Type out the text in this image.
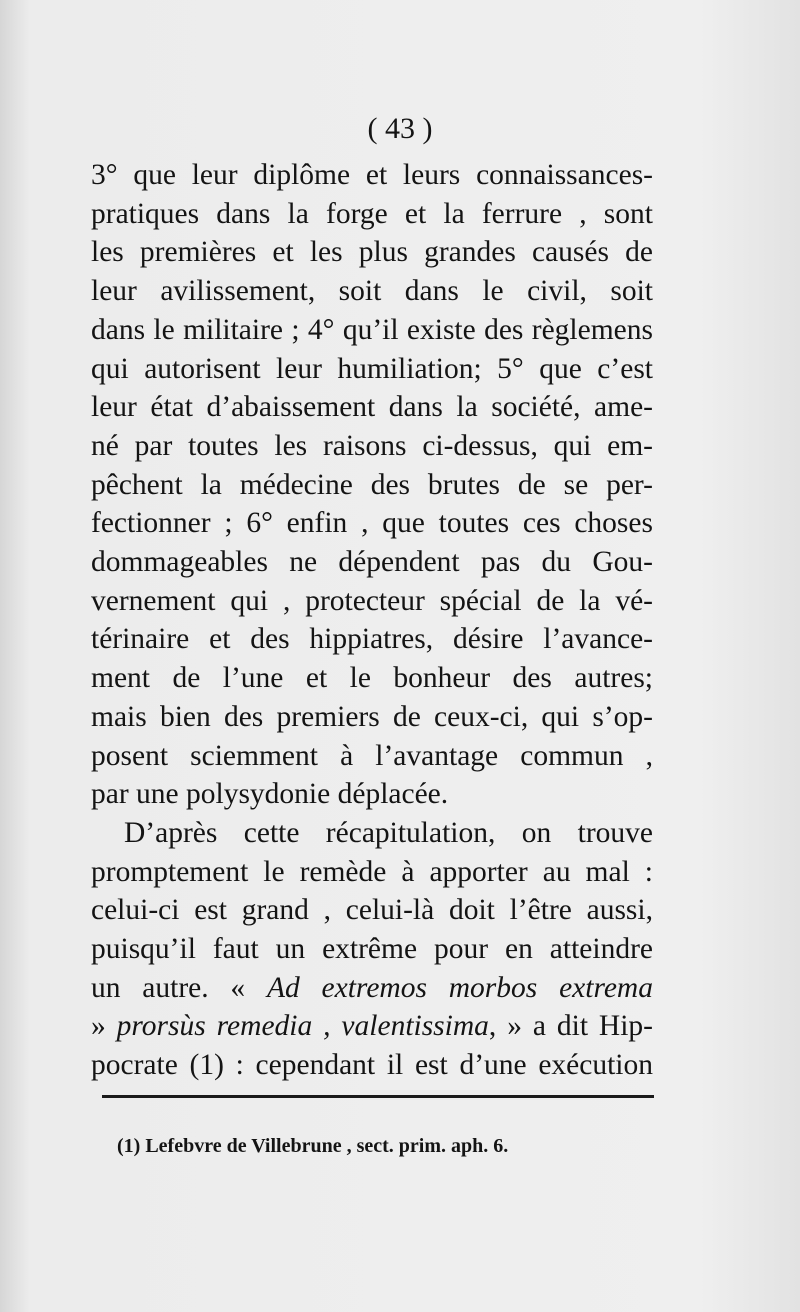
( 43 )
3° que leur diplôme et leurs connaissances-
pratiques dans la forge et la ferrure , sont
les premières et les plus grandes causés de
leur avilissement, soit dans le civil, soit
dans le militaire ; 4° qu’il existe des règlemens
qui autorisent leur humiliation; 5° que c’est
leur état d’abaissement dans la société, ame-
né par toutes les raisons ci-dessus, qui em-
pêchent la médecine des brutes de se per-
fectionner ; 6° enfin , que toutes ces choses
dommageables ne dépendent pas du Gou-
vernement qui , protecteur spécial de la vé-
térinaire et des hippiatres, désire l’avance-
ment de l’une et le bonheur des autres;
mais bien des premiers de ceux-ci, qui s’op-
posent sciemment à l’avantage commun ,
par une polysydonie déplacée.
D’après cette récapitulation, on trouve
promptement le remède à apporter au mal :
celui-ci est grand , celui-là doit l’être aussi,
puisqu’il faut un extrême pour en atteindre
un autre. « Ad extremos morbos extrema
» prorsùs remedia , valentissima, » a dit Hip-
pocrate (1) : cependant il est d’une exécution
(1) Lefebvre de Villebrune , sect. prim. aph. 6.
